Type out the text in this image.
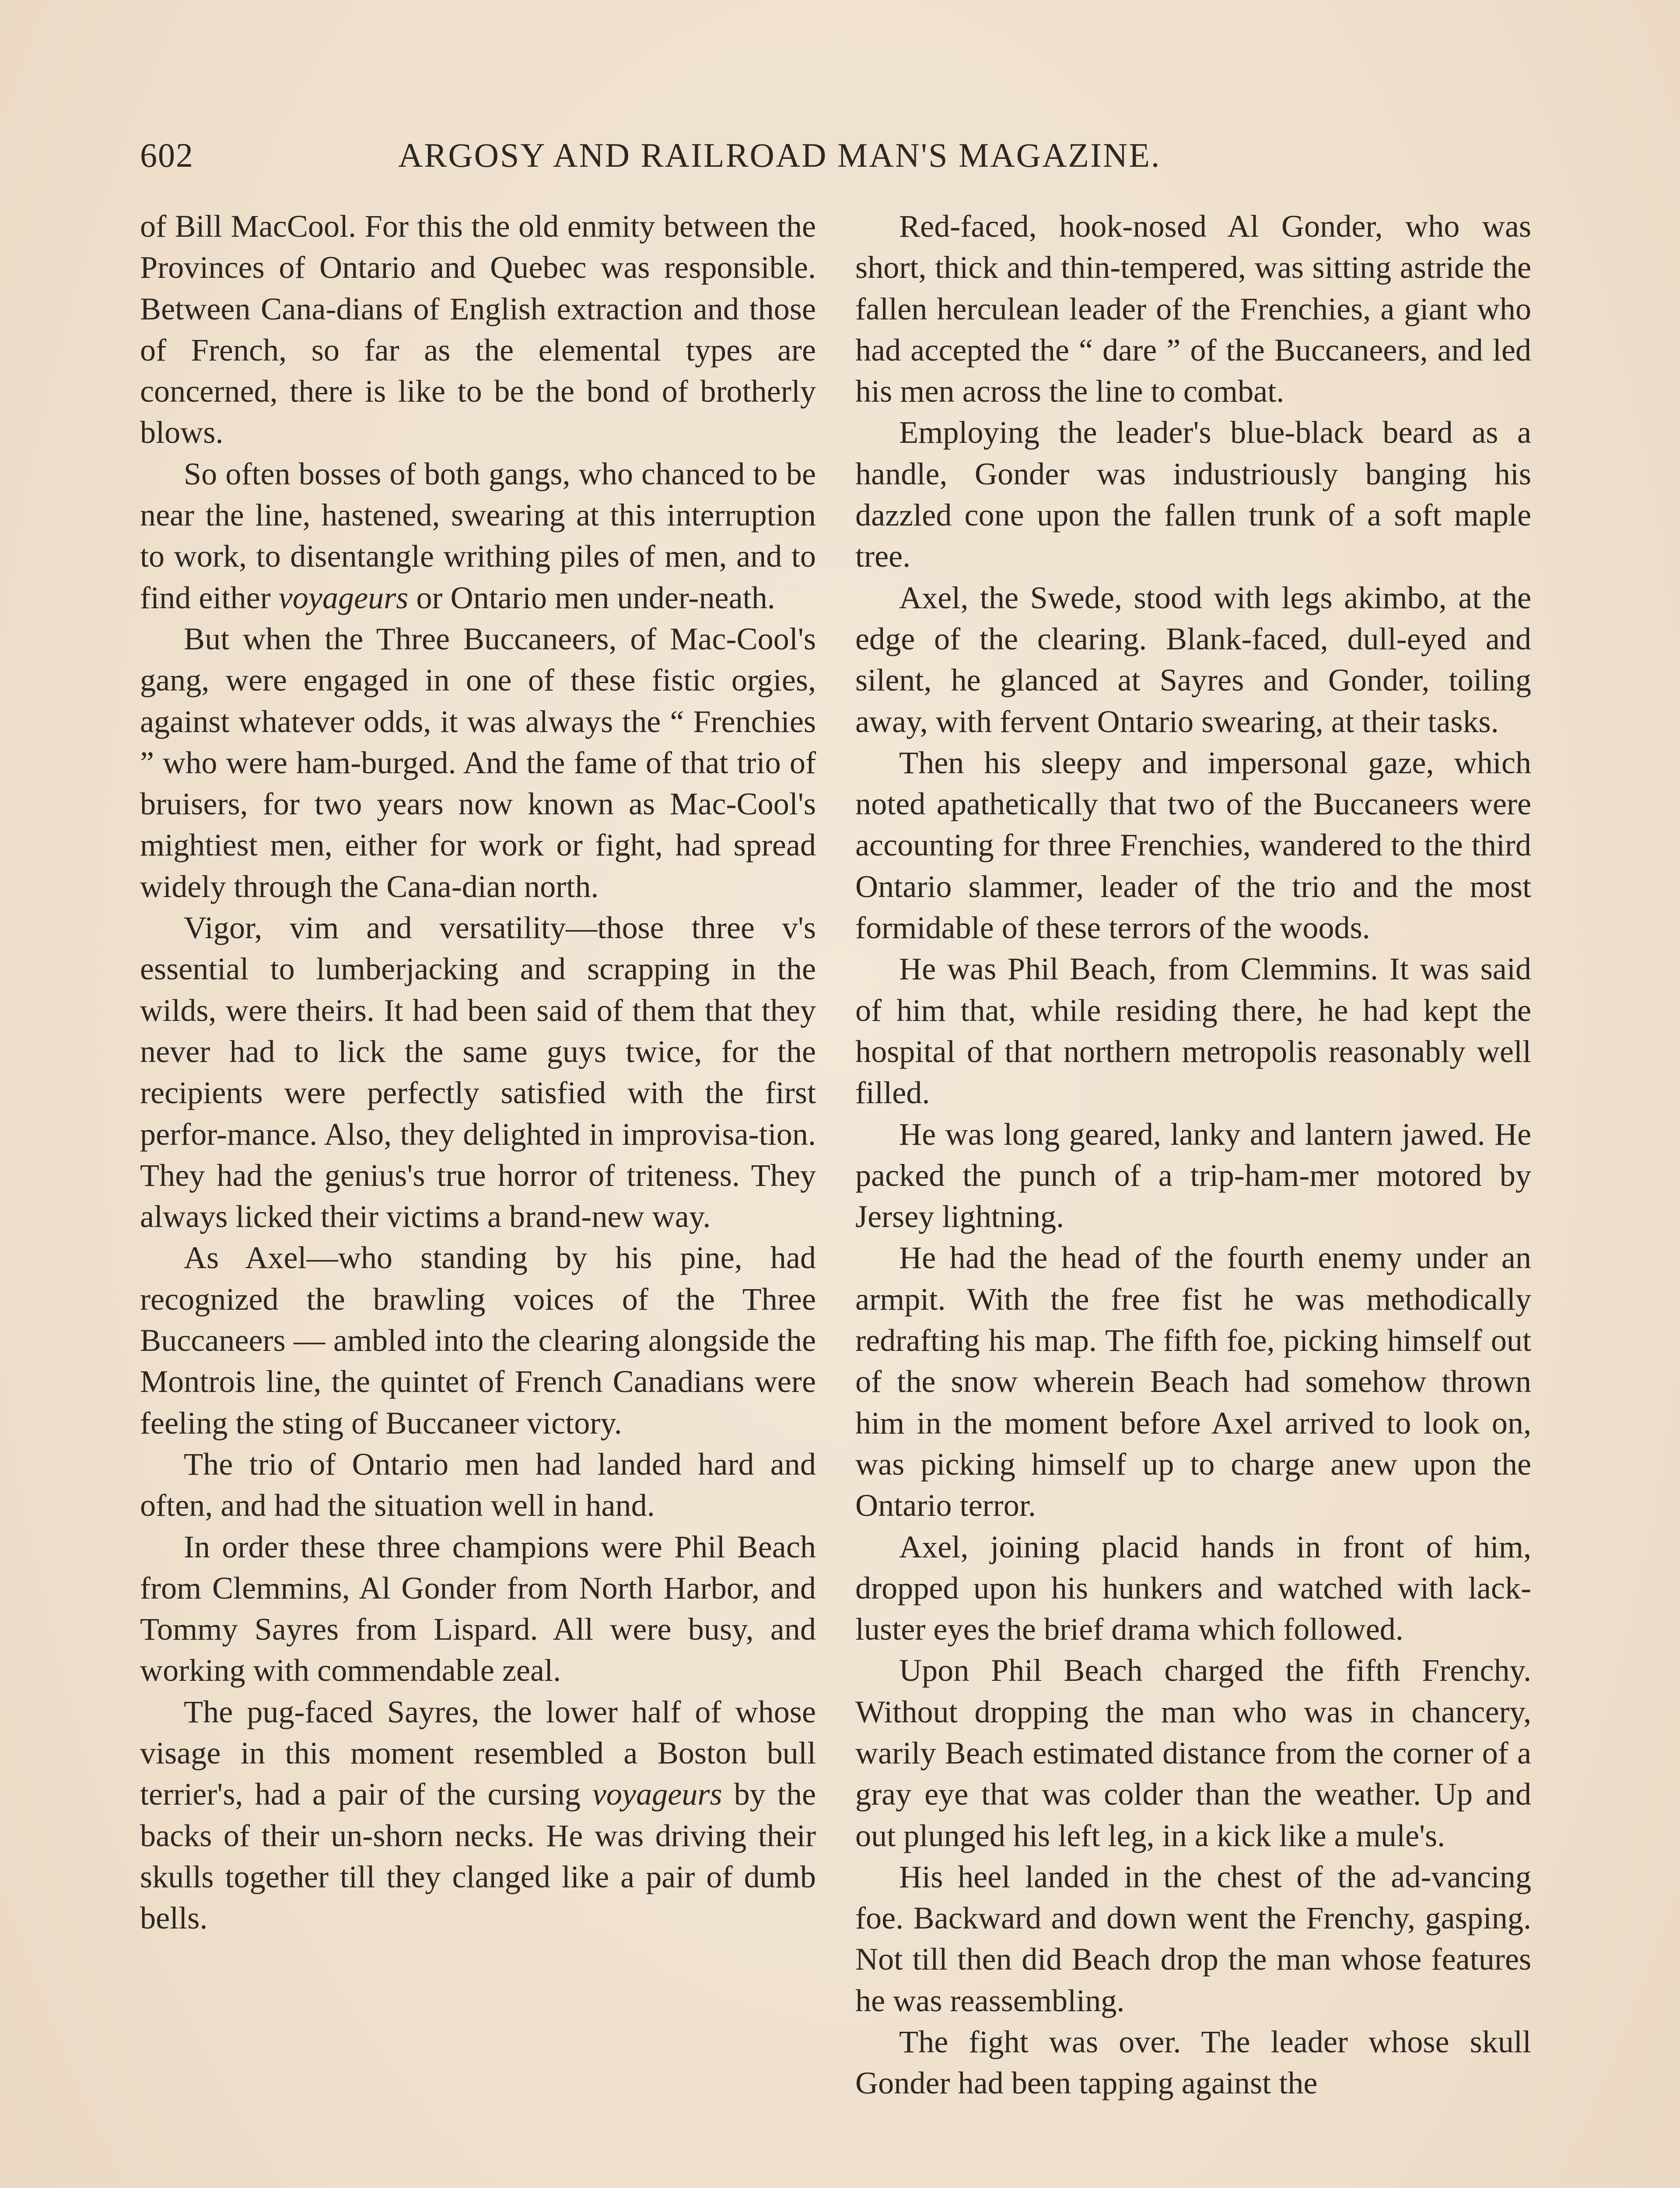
602	ARGOSY AND RAILROAD MAN'S MAGAZINE.

of Bill MacCool. For this the old enmity between the Provinces of Ontario and Quebec was responsible. Between Cana-dians of English extraction and those of French, so far as the elemental types are concerned, there is like to be the bond of brotherly blows.

So often bosses of both gangs, who chanced to be near the line, hastened, swearing at this interruption to work, to disentangle writhing piles of men, and to find either voyageurs or Ontario men under-neath.

But when the Three Buccaneers, of Mac-Cool's gang, were engaged in one of these fistic orgies, against whatever odds, it was always the “ Frenchies ” who were ham-burged. And the fame of that trio of bruisers, for two years now known as Mac-Cool's mightiest men, either for work or fight, had spread widely through the Cana-dian north.

Vigor, vim and versatility—those three v's essential to lumberjacking and scrapping in the wilds, were theirs. It had been said of them that they never had to lick the same guys twice, for the recipients were perfectly satisfied with the first perfor-mance. Also, they delighted in improvisa-tion. They had the genius's true horror of triteness. They always licked their victims a brand-new way.

As Axel—who standing by his pine, had recognized the brawling voices of the Three Buccaneers — ambled into the clearing alongside the Montrois line, the quintet of French Canadians were feeling the sting of Buccaneer victory.

The trio of Ontario men had landed hard and often, and had the situation well in hand.

In order these three champions were Phil Beach from Clemmins, Al Gonder from North Harbor, and Tommy Sayres from Lispard. All were busy, and working with commendable zeal.

The pug-faced Sayres, the lower half of whose visage in this moment resembled a Boston bull terrier's, had a pair of the cursing voyageurs by the backs of their un-shorn necks. He was driving their skulls together till they clanged like a pair of dumb bells.

Red-faced, hook-nosed Al Gonder, who was short, thick and thin-tempered, was sitting astride the fallen herculean leader of the Frenchies, a giant who had accepted the “ dare ” of the Buccaneers, and led his men across the line to combat.

Employing the leader's blue-black beard as a handle, Gonder was industriously banging his dazzled cone upon the fallen trunk of a soft maple tree.

Axel, the Swede, stood with legs akimbo, at the edge of the clearing. Blank-faced, dull-eyed and silent, he glanced at Sayres and Gonder, toiling away, with fervent Ontario swearing, at their tasks.

Then his sleepy and impersonal gaze, which noted apathetically that two of the Buccaneers were accounting for three Frenchies, wandered to the third Ontario slammer, leader of the trio and the most formidable of these terrors of the woods.

He was Phil Beach, from Clemmins. It was said of him that, while residing there, he had kept the hospital of that northern metropolis reasonably well filled.

He was long geared, lanky and lantern jawed. He packed the punch of a trip-ham-mer motored by Jersey lightning.

He had the head of the fourth enemy under an armpit. With the free fist he was methodically redrafting his map. The fifth foe, picking himself out of the snow wherein Beach had somehow thrown him in the moment before Axel arrived to look on, was picking himself up to charge anew upon the Ontario terror.

Axel, joining placid hands in front of him, dropped upon his hunkers and watched with lack-luster eyes the brief drama which followed.

Upon Phil Beach charged the fifth Frenchy. Without dropping the man who was in chancery, warily Beach estimated distance from the corner of a gray eye that was colder than the weather. Up and out plunged his left leg, in a kick like a mule's.

His heel landed in the chest of the ad-vancing foe. Backward and down went the Frenchy, gasping. Not till then did Beach drop the man whose features he was reassembling.

The fight was over. The leader whose skull Gonder had been tapping against the
